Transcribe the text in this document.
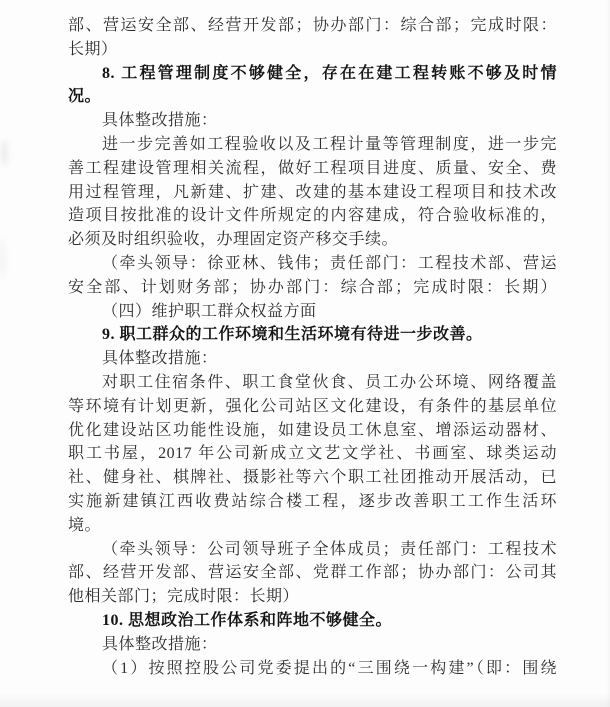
部、营运安全部、经营开发部；协办部门：综合部；完成时限：
长期）
8. 工程管理制度不够健全，存在在建工程转账不够及时情
况。
具体整改措施：
进一步完善如工程验收以及工程计量等管理制度，进一步完
善工程建设管理相关流程，做好工程项目进度、质量、安全、费
用过程管理，凡新建、扩建、改建的基本建设工程项目和技术改
造项目按批准的设计文件所规定的内容建成，符合验收标准的，
必须及时组织验收，办理固定资产移交手续。
（牵头领导：徐亚林、钱伟；责任部门：工程技术部、营运
安全部、计划财务部；协办部门：综合部；完成时限：长期）
（四）维护职工群众权益方面
9. 职工群众的工作环境和生活环境有待进一步改善。
具体整改措施：
对职工住宿条件、职工食堂伙食、员工办公环境、网络覆盖
等环境有计划更新，强化公司站区文化建设，有条件的基层单位
优化建设站区功能性设施，如建设员工休息室、增添运动器材、
职工书屋，2017 年公司新成立文艺文学社、书画室、球类运动
社、健身社、棋牌社、摄影社等六个职工社团推动开展活动，已
实施新建镇江西收费站综合楼工程，逐步改善职工工作生活环
境。
（牵头领导：公司领导班子全体成员；责任部门：工程技术
部、经营开发部、营运安全部、党群工作部；协办部门：公司其
他相关部门；完成时限：长期）
10. 思想政治工作体系和阵地不够健全。
具体整改措施：
（1）按照控股公司党委提出的“三围绕一构建”（即：围绕
